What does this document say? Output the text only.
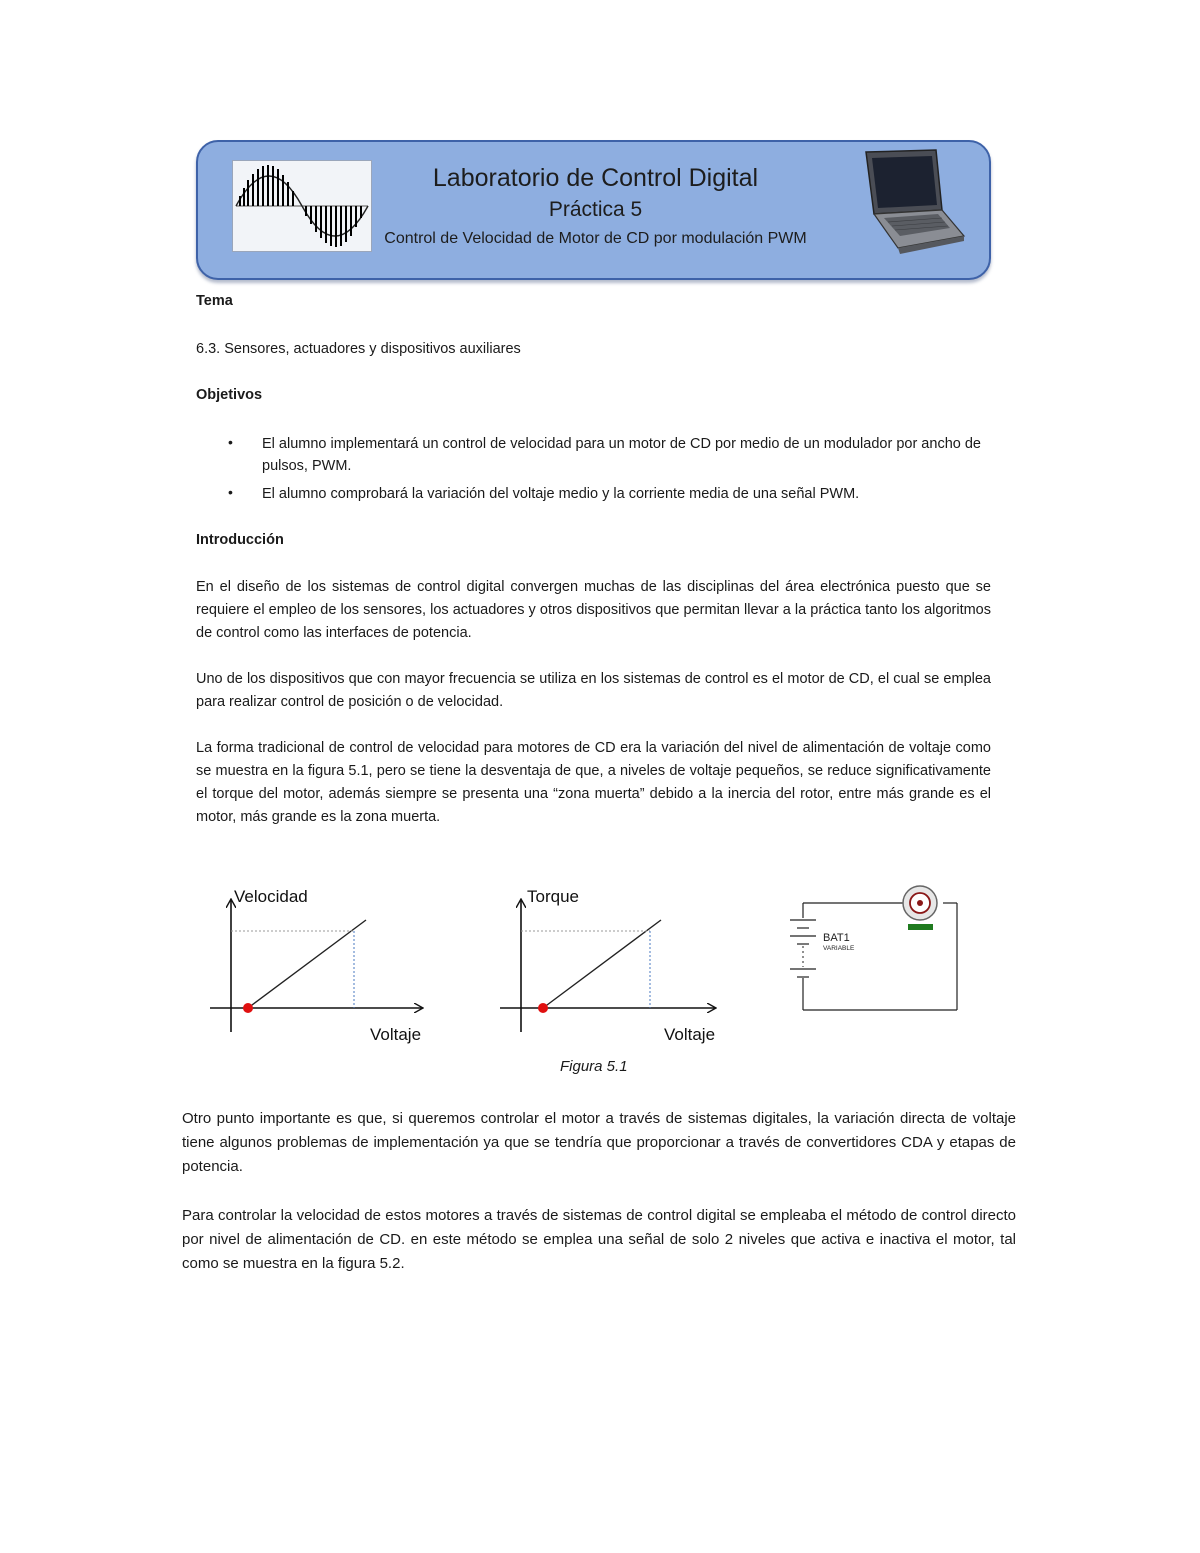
Laboratorio de Control Digital
Práctica 5
Control de Velocidad de Motor de CD por modulación PWM
Tema
6.3. Sensores, actuadores y dispositivos auxiliares
Objetivos
• El alumno implementará un control de velocidad para un motor de CD por medio de un modulador por ancho de pulsos, PWM.
• El alumno comprobará la variación del voltaje medio y la corriente media de una señal PWM.
Introducción
En el diseño de los sistemas de control digital convergen muchas de las disciplinas del área electrónica puesto que se requiere el empleo de los sensores, los actuadores y otros dispositivos que permitan llevar a la práctica tanto los algoritmos de control como las interfaces de potencia.
Uno de los dispositivos que con mayor frecuencia se utiliza en los sistemas de control es el motor de CD, el cual se emplea para realizar control de posición o de velocidad.
La forma tradicional de control de velocidad para motores de CD era la variación del nivel de alimentación de voltaje como se muestra en la figura 5.1, pero se tiene la desventaja de que, a niveles de voltaje pequeños, se reduce significativamente el torque del motor, además siempre se presenta una “zona muerta” debido a la inercia del rotor, entre más grande es el motor, más grande es la zona muerta.
Velocidad
Voltaje
Torque
Voltaje
BAT1
VARIABLE
Figura 5.1
Otro punto importante es que, si queremos controlar el motor a través de sistemas digitales, la variación directa de voltaje tiene algunos problemas de implementación ya que se tendría que proporcionar a través de convertidores CDA y etapas de potencia.
Para controlar la velocidad de estos motores a través de sistemas de control digital se empleaba el método de control directo por nivel de alimentación de CD. en este método se emplea una señal de solo 2 niveles que activa e inactiva el motor, tal como se muestra en la figura 5.2.
